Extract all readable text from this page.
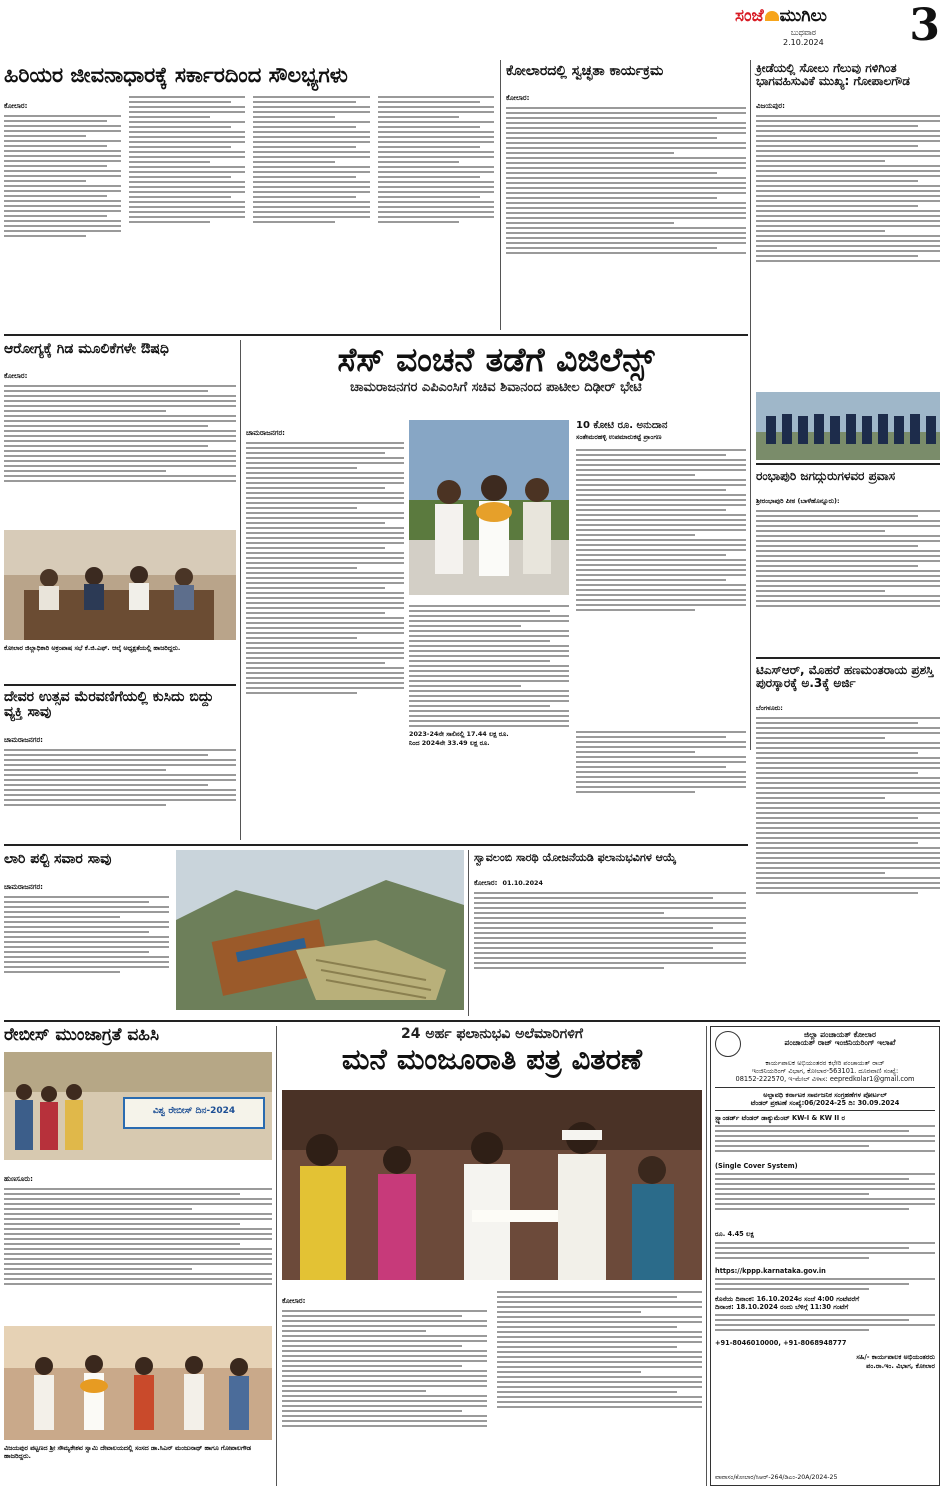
ಸಂಜೆ ಮುಗಿಲು
ಬುಧವಾರ
2.10.2024 3
ಹಿರಿಯರ ಜೀವನಾಧಾರಕ್ಕೆ ಸರ್ಕಾರದಿಂದ ಸೌಲಭ್ಯಗಳು
ಕೋಲಾರ:
ಕೋಲಾರದಲ್ಲಿ ಸ್ವಚ್ಛತಾ ಕಾರ್ಯಕ್ರಮ
ಕೋಲಾರ:
ಕ್ರೀಡೆಯಲ್ಲಿ ಸೋಲು ಗೆಲುವು ಗಳಿಗಿಂತ ಭಾಗವಹಿಸುವಿಕೆ ಮುಖ್ಯ: ಗೋಪಾಲಗೌಡ
ವಿಜಯಪುರ:
ಆರೋಗ್ಯಕ್ಕೆ ಗಿಡ ಮೂಲಿಕೆಗಳೇ ಔಷಧಿ
ಕೋಲಾರ:
ಕೋಲಾರ ಜಿಲ್ಲಾಧಿಕಾರಿ ಅಕ್ರಂಪಾಷ ಸಭೆ ಕೆ.ಜಿ.ಎಫ್. ಆಲ್ಕೆ ಅಧ್ಯಕ್ಷತೆಯಲ್ಲಿ ಹಾಜರಿದ್ದರು.
ದೇವರ ಉತ್ಸವ ಮೆರವಣಿಗೆಯಲ್ಲಿ ಕುಸಿದು ಬಿದ್ದು ವ್ಯಕ್ತಿ ಸಾವು
ಚಾಮರಾಜನಗರ:
ಸೆಸ್ ವಂಚನೆ ತಡೆಗೆ ವಿಜಿಲೆನ್ಸ್
ಚಾಮರಾಜನಗರ ಎಪಿಎಂಸಿಗೆ ಸಚಿವ ಶಿವಾನಂದ ಪಾಟೀಲ ದಿಢೀರ್ ಭೇಟಿ
ಚಾಮರಾಜನಗರ:
10 ಕೋಟಿ ರೂ. ಅನುದಾನ
ಸಂತೇಮರಹಳ್ಳಿ ಉಪಮಾರುಕಟ್ಟೆ ಪ್ರಾಂಗಣ
2023-24ನೇ ಸಾಲಿನಲ್ಲಿ 17.44 ಲಕ್ಷ ರೂ.
ನಿಂದ 2024ನೇ 33.49 ಲಕ್ಷ ರೂ.
ರಂಭಾಪುರಿ ಜಗದ್ಗುರುಗಳವರ ಪ್ರವಾಸ
ಶ್ರೀರಂಭಾಪುರಿ ಪೀಠ (ಬಾಳೆಹೊನ್ನೂರು):
ಟಿಎಸ್‌ಆರ್, ಮೊಹರೆ ಹಣಮಂತರಾಯ ಪ್ರಶಸ್ತಿ ಪುರಸ್ಕಾರಕ್ಕೆ ಅ.3ಕ್ಕೆ ಅರ್ಜಿ
ಬೆಂಗಳೂರು:
ಲಾರಿ ಪಲ್ಟಿ ಸವಾರ ಸಾವು
ಚಾಮರಾಜನಗರ:
ಸ್ವಾವಲಂಬಿ ಸಾರಥಿ ಯೋಜನೆಯಡಿ ಫಲಾನುಭವಿಗಳ ಆಯ್ಕೆ
ಕೋಲಾರ: 01.10.2024
ರೇಬೀಸ್ ಮುಂಜಾಗ್ರತೆ ವಹಿಸಿ
ವಿಶ್ವ ರೇಬೀಸ್ ದಿನ-2024
ಹುಣಸೂರು:
ವಿಜಯಪುರ ಪಟ್ಟಣದ ಶ್ರೀ ಸೌಮ್ಯಕೇಶವ ಸ್ವಾಮಿ ದೇವಾಲಯದಲ್ಲಿ ಸಂಸದ ಡಾ.ಸಿಎನ್ ಮಂಜುನಾಥ್ ಹಾಗೂ ಗೋಪಾಲಗೌಡ ಹಾಜರಿದ್ದರು.
24 ಅರ್ಹ ಫಲಾನುಭವಿ ಅಲೆಮಾರಿಗಳಿಗೆ
ಮನೆ ಮಂಜೂರಾತಿ ಪತ್ರ ವಿತರಣೆ
ಕೋಲಾರ:
ಜಿಲ್ಲಾ ಪಂಚಾಯತ್ ಕೋಲಾರ
ಪಂಚಾಯತ್ ರಾಜ್ ಇಂಜಿನಿಯರಿಂಗ್ ಇಲಾಖೆ
ಕಾರ್ಯಪಾಲಕ ಅಭಿಯಂತರರ ಕಛೇರಿ ಪಂಚಾಯತ್ ರಾಜ್
ಇಂಜಿನಿಯರಿಂಗ್ ವಿಭಾಗ, ಕೋಲಾರ-563101. ದೂರವಾಣಿ ಸಂಖ್ಯೆ:
08152-222570, ಇ-ಮೇಲ್ ವಿಳಾಸ: eepredkolar1@gmail.com
ಅಲ್ಪಾವಧಿ ಕರ್ನಾಟಕ ಸಾರ್ವಜನಿಕ ಸಂಗ್ರಹಣೆಗಳ ಪೋರ್ಟಲ್
ಟೆಂಡರ್ ಪ್ರಕಟಣೆ ಸಂಖ್ಯೆ:06/2024-25 ದಿ: 30.09.2024
ಸ್ಟ್ಯಾಂಡರ್ಡ್ ಟೆಂಡರ್ ಡಾಕ್ಯುಮೆಂಟ್ KW-I & KW II ರ
(Single Cover System)
ರೂ. 4.45 ಲಕ್ಷ
https://kppp.karnataka.gov.in
ಕೊನೆಯ ದಿನಾಂಕ: 16.10.2024ರ ಸಂಜೆ 4:00 ಗಂಟೆವರೆಗೆ
ದಿನಾಂಕ: 18.10.2024 ರಂದು ಬೆಳಿಗ್ಗೆ 11:30 ಗಂಟೆಗೆ
+91-8046010000, +91-8068948777
ಸಹಿ/- ಕಾರ್ಯಪಾಲಕ ಅಭಿಯಂತರರು
ಪಂ.ರಾ.ಇಂ. ವಿಭಾಗ, ಕೋಲಾರ
ವಾವಾಸಂ/ಕೋಲಾರ/ಸಿಆರ್-264/ಡಿಎಂ-20A/2024-25
